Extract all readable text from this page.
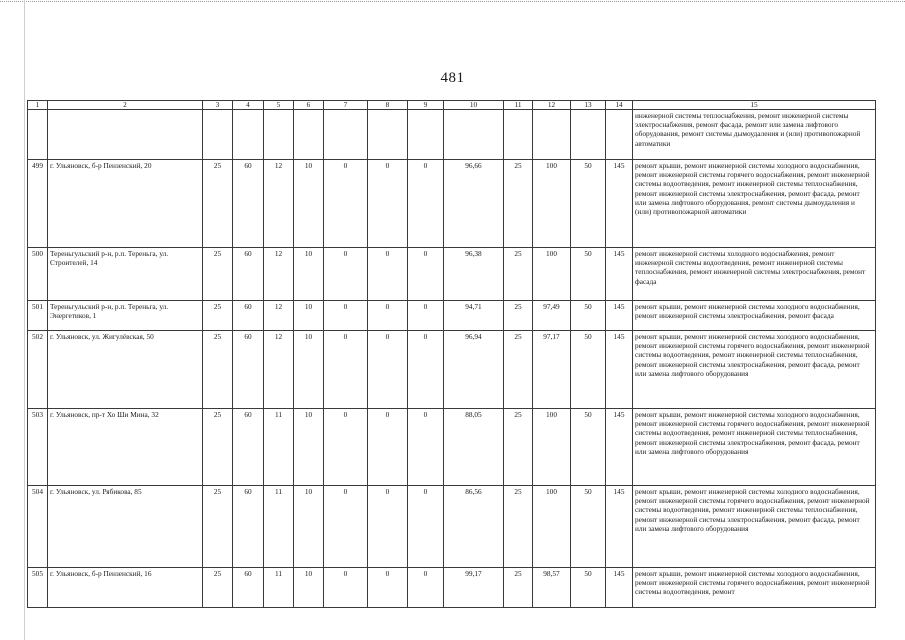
481
1	2	3	4	5	6	7	8	9	10	11	12	13	14	15
														инженерной системы теплоснабжения, ремонт инженерной системы электроснабжения, ремонт фасада, ремонт или замена лифтового оборудования, ремонт системы дымоудаления и (или) противопожарной автоматики
499	г. Ульяновск, б-р Пензенский, 20	25	60	12	10	0	0	0	96,66	25	100	50	145	ремонт крыши, ремонт инженерной системы холодного водоснабжения, ремонт инженерной системы горячего водоснабжения, ремонт инженерной системы водоотведения, ремонт инженерной системы теплоснабжения, ремонт инженерной системы электроснабжения, ремонт фасада, ремонт или замена лифтового оборудования, ремонт системы дымоудаления и (или) противопожарной автоматики
500	Тереньгульский р-н, р.п. Тереньга, ул. Строителей, 14	25	60	12	10	0	0	0	96,38	25	100	50	145	ремонт инженерной системы холодного водоснабжения, ремонт инженерной системы водоотведения, ремонт инженерной системы теплоснабжения, ремонт инженерной системы электроснабжения, ремонт фасада
501	Тереньгульский р-н, р.п. Тереньга, ул. Энергетиков, 1	25	60	12	10	0	0	0	94,71	25	97,49	50	145	ремонт крыши, ремонт инженерной системы холодного водоснабжения, ремонт инженерной системы электроснабжения, ремонт фасада
502	г. Ульяновск, ул. Жигулёвская, 50	25	60	12	10	0	0	0	96,94	25	97,17	50	145	ремонт крыши, ремонт инженерной системы холодного водоснабжения, ремонт инженерной системы горячего водоснабжения, ремонт инженерной системы водоотведения, ремонт инженерной системы теплоснабжения, ремонт инженерной системы электроснабжения, ремонт фасада, ремонт или замена лифтового оборудования
503	г. Ульяновск, пр-т Хо Ши Мина, 32	25	60	11	10	0	0	0	88,05	25	100	50	145	ремонт крыши, ремонт инженерной системы холодного водоснабжения, ремонт инженерной системы горячего водоснабжения, ремонт инженерной системы водоотведения, ремонт инженерной системы теплоснабжения, ремонт инженерной системы электроснабжения, ремонт фасада, ремонт или замена лифтового оборудования
504	г. Ульяновск, ул. Рябикова, 85	25	60	11	10	0	0	0	86,56	25	100	50	145	ремонт крыши, ремонт инженерной системы холодного водоснабжения, ремонт инженерной системы горячего водоснабжения, ремонт инженерной системы водоотведения, ремонт инженерной системы теплоснабжения, ремонт инженерной системы электроснабжения, ремонт фасада, ремонт или замена лифтового оборудования
505	г. Ульяновск, б-р Пензенский, 16	25	60	11	10	0	0	0	99,17	25	98,57	50	145	ремонт крыши, ремонт инженерной системы холодного водоснабжения, ремонт инженерной системы горячего водоснабжения, ремонт инженерной системы водоотведения, ремонт
